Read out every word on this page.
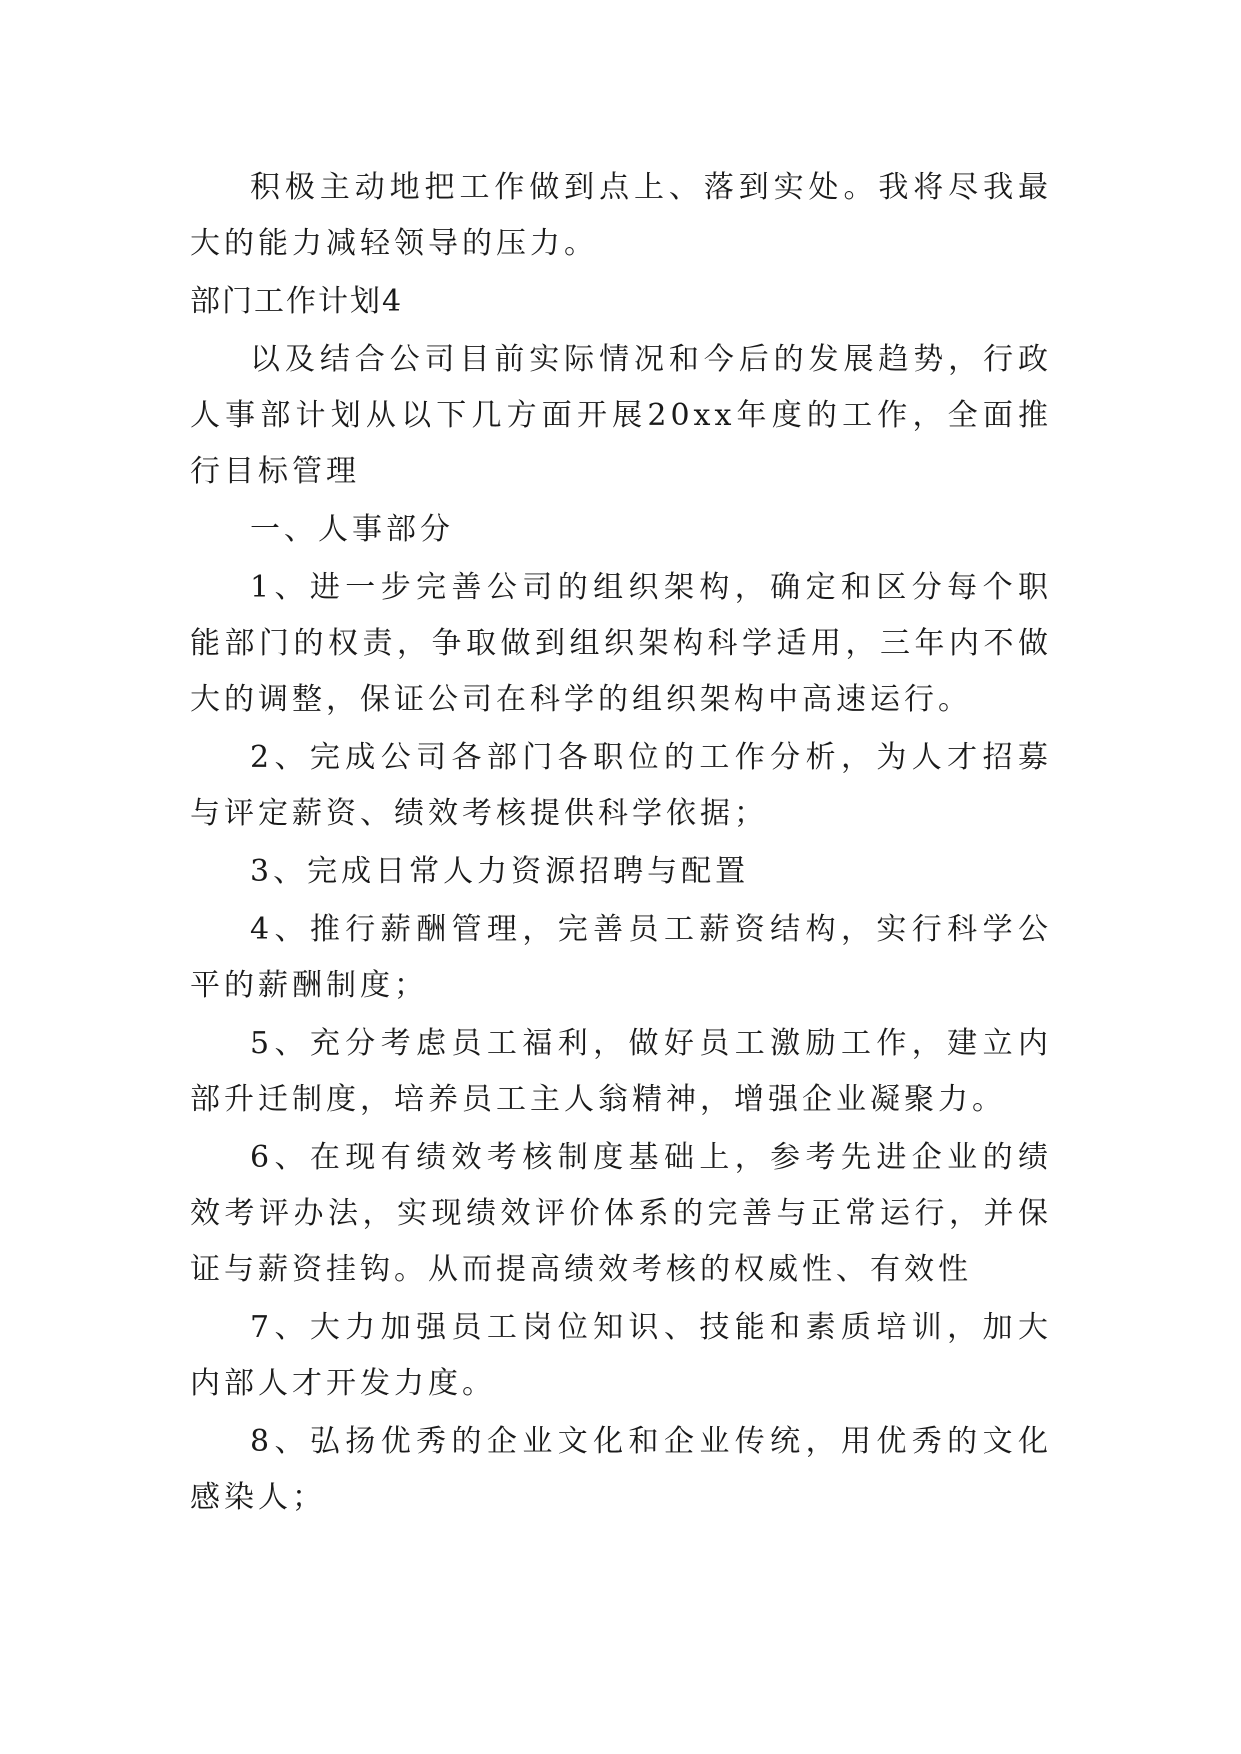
积极主动地把工作做到点上、落到实处。我将尽我最大的能力减轻领导的压力。

部门工作计划4

以及结合公司目前实际情况和今后的发展趋势，行政人事部计划从以下几方面开展20xx年度的工作，全面推行目标管理

一、人事部分

1、进一步完善公司的组织架构，确定和区分每个职能部门的权责，争取做到组织架构科学适用，三年内不做大的调整，保证公司在科学的组织架构中高速运行。

2、完成公司各部门各职位的工作分析，为人才招募与评定薪资、绩效考核提供科学依据；

3、完成日常人力资源招聘与配置

4、推行薪酬管理，完善员工薪资结构，实行科学公平的薪酬制度；

5、充分考虑员工福利，做好员工激励工作，建立内部升迁制度，培养员工主人翁精神，增强企业凝聚力。

6、在现有绩效考核制度基础上，参考先进企业的绩效考评办法，实现绩效评价体系的完善与正常运行，并保证与薪资挂钩。从而提高绩效考核的权威性、有效性

7、大力加强员工岗位知识、技能和素质培训，加大内部人才开发力度。

8、弘扬优秀的企业文化和企业传统，用优秀的文化感染人；
